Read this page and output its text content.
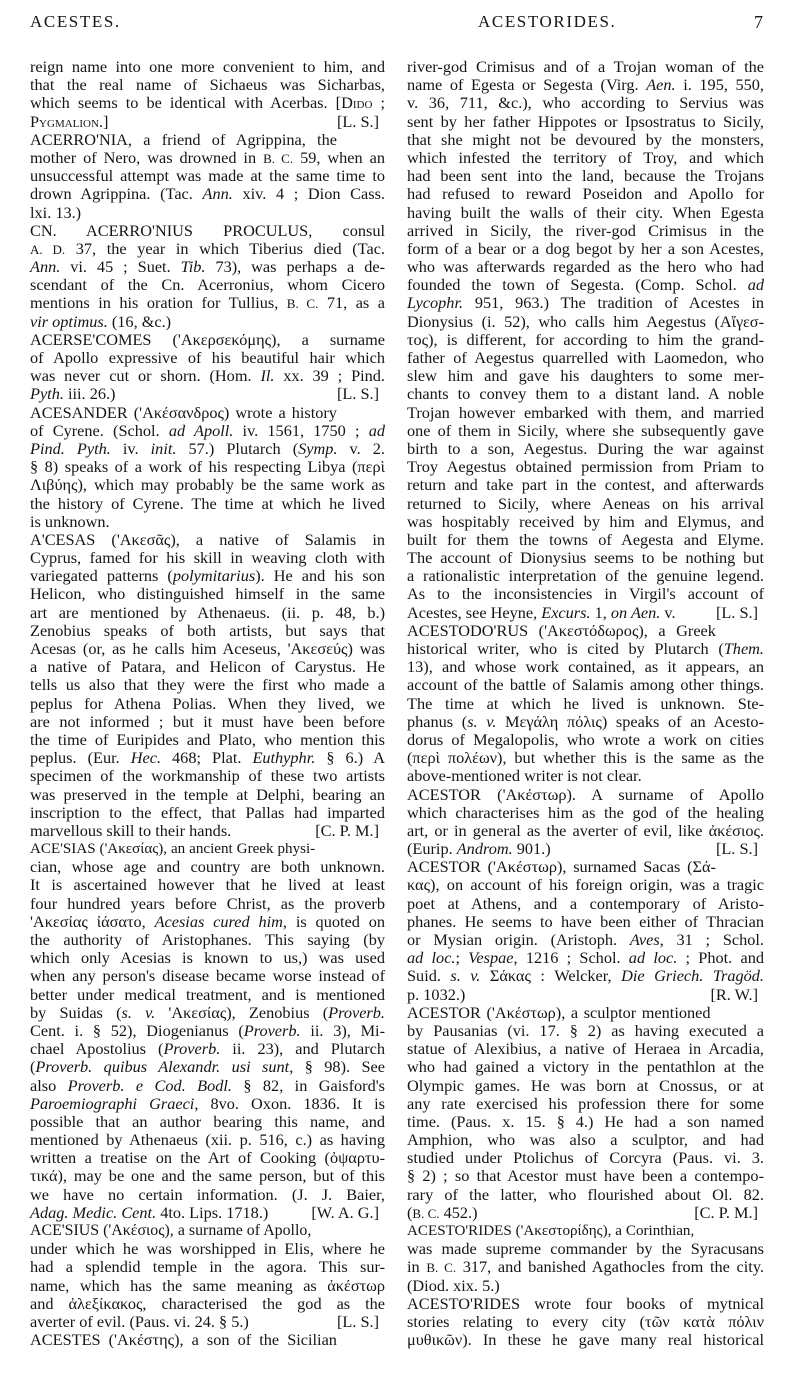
ACESTES.	ACESTORIDES.	7
reign name into one more convenient to him, and
that the real name of Sichaeus was Sicharbas,
which seems to be identical with Acerbas. [Dido ;
[L. S.]
Pygmalion.]
ACERRO'NIA, a friend of Agrippina, the
mother of Nero, was drowned in B. C. 59, when an
unsuccessful attempt was made at the same time to
drown Agrippina. (Tac. Ann. xiv. 4 ; Dion Cass.
lxi. 13.)
CN. ACERRO'NIUS PROCULUS, consul
A. D. 37, the year in which Tiberius died (Tac.
Ann. vi. 45 ; Suet. Tib. 73), was perhaps a de-
scendant of the Cn. Acerronius, whom Cicero
mentions in his oration for Tullius, B. C. 71, as a
vir optimus. (16, &c.)
ACERSE'COMES ('Ακερσεκόμης), a surname
of Apollo expressive of his beautiful hair which
was never cut or shorn. (Hom. Il. xx. 39 ; Pind.
[L. S.]
Pyth. iii. 26.)
ACESANDER ('Ακέσανδρος) wrote a history
of Cyrene. (Schol. ad Apoll. iv. 1561, 1750 ; ad
Pind. Pyth. iv. init. 57.) Plutarch (Symp. v. 2.
§ 8) speaks of a work of his respecting Libya (περὶ
Λιβύης), which may probably be the same work as
the history of Cyrene. The time at which he lived
is unknown.
A'CESAS ('Ακεσᾶς), a native of Salamis in
Cyprus, famed for his skill in weaving cloth with
variegated patterns (polymitarius). He and his son
Helicon, who distinguished himself in the same
art are mentioned by Athenaeus. (ii. p. 48, b.)
Zenobius speaks of both artists, but says that
Acesas (or, as he calls him Aceseus, 'Ακεσεύς) was
a native of Patara, and Helicon of Carystus. He
tells us also that they were the first who made a
peplus for Athena Polias. When they lived, we
are not informed ; but it must have been before
the time of Euripides and Plato, who mention this
peplus. (Eur. Hec. 468; Plat. Euthyphr. § 6.) A
specimen of the workmanship of these two artists
was preserved in the temple at Delphi, bearing an
inscription to the effect, that Pallas had imparted
[C. P. M.]
marvellous skill to their hands.
ACE'SIAS ('Ακεσίας), an ancient Greek physi-
cian, whose age and country are both unknown.
It is ascertained however that he lived at least
four hundred years before Christ, as the proverb
'Ακεσίας ἰάσατο, Acesias cured him, is quoted on
the authority of Aristophanes. This saying (by
which only Acesias is known to us,) was used
when any person's disease became worse instead of
better under medical treatment, and is mentioned
by Suidas (s. v. 'Ακεσίας), Zenobius (Proverb.
Cent. i. § 52), Diogenianus (Proverb. ii. 3), Mi-
chael Apostolius (Proverb. ii. 23), and Plutarch
(Proverb. quibus Alexandr. usi sunt, § 98). See
also Proverb. e Cod. Bodl. § 82, in Gaisford's
Paroemiographi Graeci, 8vo. Oxon. 1836. It is
possible that an author bearing this name, and
mentioned by Athenaeus (xii. p. 516, c.) as having
written a treatise on the Art of Cooking (ὀψαρτυ-
τικά), may be one and the same person, but of this
we have no certain information. (J. J. Baier,
[W. A. G.]
Adag. Medic. Cent. 4to. Lips. 1718.)
ACE'SIUS ('Ακέσιος), a surname of Apollo,
under which he was worshipped in Elis, where he
had a splendid temple in the agora. This sur-
name, which has the same meaning as ἀκέστωρ
and ἀλεξίκακος, characterised the god as the
[L. S.]
averter of evil. (Paus. vi. 24. § 5.)
ACESTES ('Ακέστης), a son of the Sicilian
river-god Crimisus and of a Trojan woman of the
name of Egesta or Segesta (Virg. Aen. i. 195, 550,
v. 36, 711, &c.), who according to Servius was
sent by her father Hippotes or Ipsostratus to Sicily,
that she might not be devoured by the monsters,
which infested the territory of Troy, and which
had been sent into the land, because the Trojans
had refused to reward Poseidon and Apollo for
having built the walls of their city. When Egesta
arrived in Sicily, the river-god Crimisus in the
form of a bear or a dog begot by her a son Acestes,
who was afterwards regarded as the hero who had
founded the town of Segesta. (Comp. Schol. ad
Lycophr. 951, 963.) The tradition of Acestes in
Dionysius (i. 52), who calls him Aegestus (Αἴγεσ-
τος), is different, for according to him the grand-
father of Aegestus quarrelled with Laomedon, who
slew him and gave his daughters to some mer-
chants to convey them to a distant land. A noble
Trojan however embarked with them, and married
one of them in Sicily, where she subsequently gave
birth to a son, Aegestus. During the war against
Troy Aegestus obtained permission from Priam to
return and take part in the contest, and afterwards
returned to Sicily, where Aeneas on his arrival
was hospitably received by him and Elymus, and
built for them the towns of Aegesta and Elyme.
The account of Dionysius seems to be nothing but
a rationalistic interpretation of the genuine legend.
As to the inconsistencies in Virgil's account of
[L. S.]
Acestes, see Heyne, Excurs. 1, on Aen. v.
ACESTODO'RUS ('Ακεστόδωρος), a Greek
historical writer, who is cited by Plutarch (Them.
13), and whose work contained, as it appears, an
account of the battle of Salamis among other things.
The time at which he lived is unknown. Ste-
phanus (s. v. Μεγάλη πόλις) speaks of an Acesto-
dorus of Megalopolis, who wrote a work on cities
(περὶ πολέων), but whether this is the same as the
above-mentioned writer is not clear.
ACESTOR ('Ακέστωρ). A surname of Apollo
which characterises him as the god of the healing
art, or in general as the averter of evil, like ἀκέσιος.
[L. S.]
(Eurip. Androm. 901.)
ACESTOR ('Ακέστωρ), surnamed Sacas (Σά-
κας), on account of his foreign origin, was a tragic
poet at Athens, and a contemporary of Aristo-
phanes. He seems to have been either of Thracian
or Mysian origin. (Aristoph. Aves, 31 ; Schol.
ad loc.; Vespae, 1216 ; Schol. ad loc. ; Phot. and
Suid. s. v. Σάκας : Welcker, Die Griech. Tragöd.
[R. W.]
p. 1032.)
ACESTOR ('Ακέστωρ), a sculptor mentioned
by Pausanias (vi. 17. § 2) as having executed a
statue of Alexibius, a native of Heraea in Arcadia,
who had gained a victory in the pentathlon at the
Olympic games. He was born at Cnossus, or at
any rate exercised his profession there for some
time. (Paus. x. 15. § 4.) He had a son named
Amphion, who was also a sculptor, and had
studied under Ptolichus of Corcyra (Paus. vi. 3.
§ 2) ; so that Acestor must have been a contempo-
rary of the latter, who flourished about Ol. 82.
[C. P. M.]
(B. C. 452.)
ACESTO'RIDES ('Ακεστορίδης), a Corinthian,
was made supreme commander by the Syracusans
in B. C. 317, and banished Agathocles from the city.
(Diod. xix. 5.)
ACESTO'RIDES wrote four books of mytnical
stories relating to every city (τῶν κατὰ πόλιν
μυθικῶν). In these he gave many real historical
